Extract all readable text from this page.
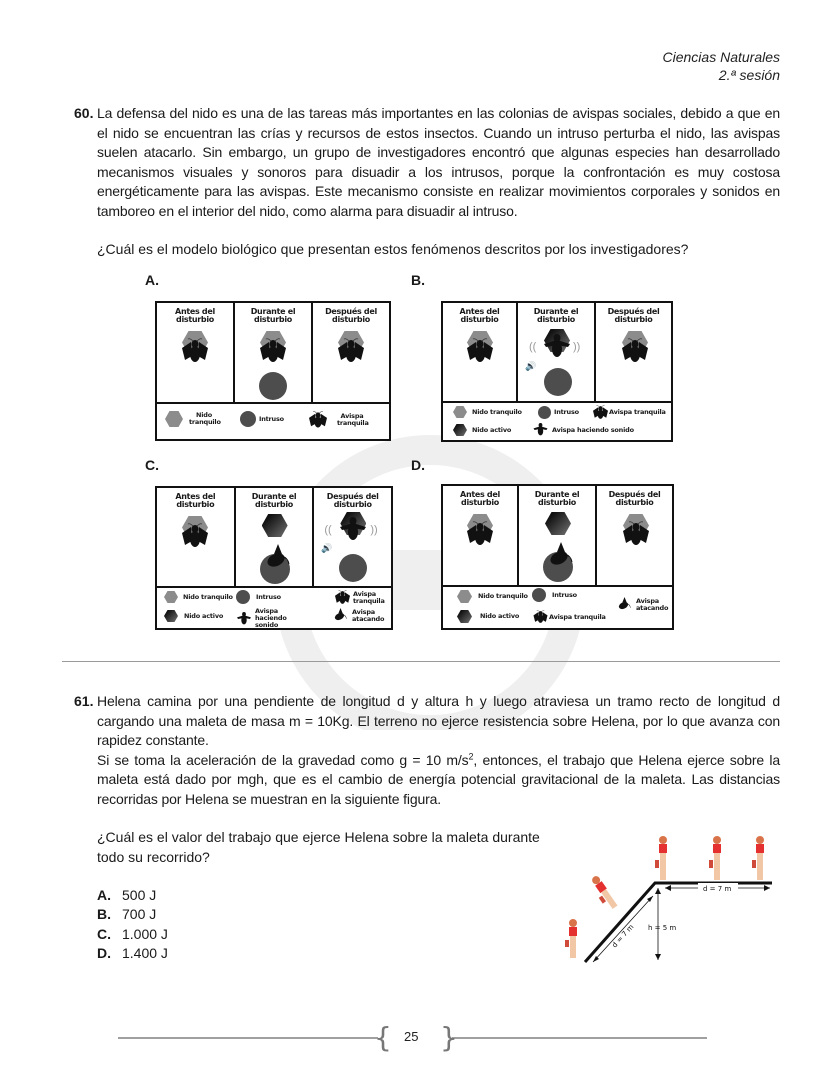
Ciencias Naturales
2.ª sesión
60. La defensa del nido es una de las tareas más importantes en las colonias de avispas sociales, debido a que en el nido se encuentran las crías y recursos de estos insectos. Cuando un intruso perturba el nido, las avispas suelen atacarlo. Sin embargo, un grupo de investigadores encontró que algunas especies han desarrollado mecanismos visuales y sonoros para disuadir a los intrusos, porque la confrontación es muy costosa energéticamente para las avispas. Este mecanismo consiste en realizar movimientos corporales y sonidos en tamboreo en el interior del nido, como alarma para disuadir al intruso.
¿Cuál es el modelo biológico que presentan estos fenómenos descritos por los investigadores?
A.	B.
C.	D.
Antes del disturbio
Durante el disturbio
Después del disturbio
Nido tranquilo	Intruso	Avispa tranquila
Antes del disturbio
Durante el disturbio
((	))
🔊
Después del disturbio
Nido tranquilo	Intruso	Avispa tranquila
Nido activo	Avispa haciendo sonido
Antes del disturbio
Durante el disturbio
Después del disturbio
((	))
🔊
Nido tranquilo	Intruso	Avispa tranquila
Nido activo
Avispa haciendo sonido
Avispa atacando
Antes del disturbio
Durante el disturbio
Después del disturbio
Nido tranquilo	Intruso
Avispa atacando
Nido activo	Avispa tranquila
61. Helena camina por una pendiente de longitud d y altura h y luego atraviesa un tramo recto de longitud d cargando una maleta de masa m = 10Kg. El terreno no ejerce resistencia sobre Helena, por lo que avanza con rapidez constante.

Si se toma la aceleración de la gravedad como g = 10 $m/s^2$, entonces, el trabajo que Helena ejerce sobre la maleta está dado por mgh, que es el cambio de energía potencial gravitacional de la maleta. Las distancias recorridas por Helena se muestran en la siguiente figura.

¿Cuál es el valor del trabajo que ejerce Helena sobre la maleta durante todo su recorrido?
A. 500 J
B. 700 J
C. 1.000 J
D. 1.400 J
d = 7 m
h = 5 m
d = 7 m
{ }
25
